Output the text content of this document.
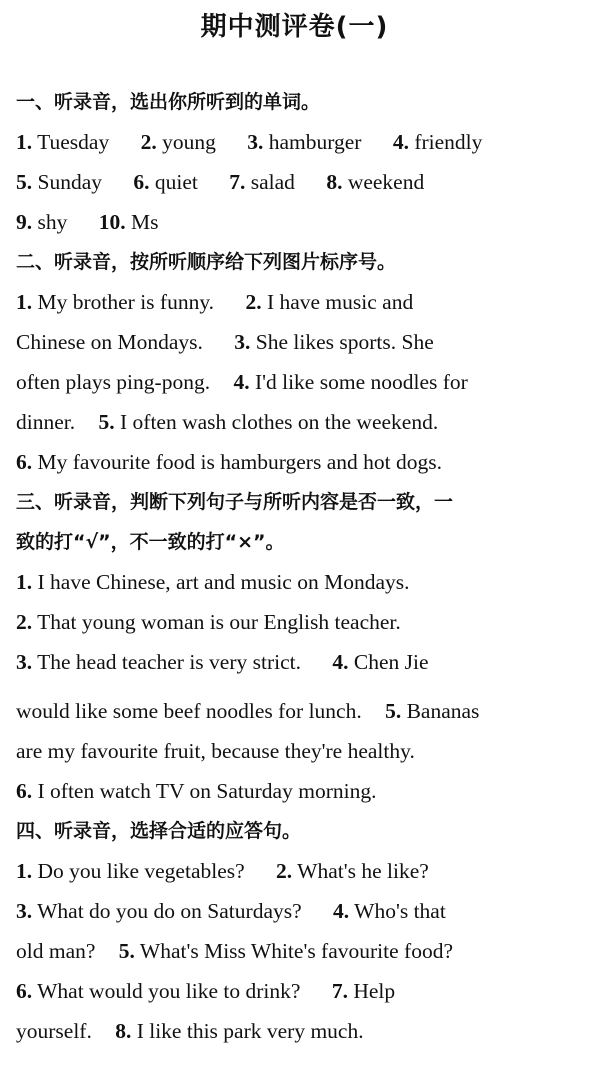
期中测评卷(一)
一、听录音，选出你所听到的单词。
1. Tuesday 2. young 3. hamburger 4. friendly
5. Sunday 6. quiet 7. salad 8. weekend
9. shy 10. Ms
二、听录音，按所听顺序给下列图片标序号。
1. My brother is funny. 2. I have music and
Chinese on Mondays. 3. She likes sports. She
often plays ping-pong. 4. I'd like some noodles for
dinner. 5. I often wash clothes on the weekend.
6. My favourite food is hamburgers and hot dogs.
三、听录音，判断下列句子与所听内容是否一致，一
致的打“√”，不一致的打“×”。
1. I have Chinese, art and music on Mondays.
2. That young woman is our English teacher.
3. The head teacher is very strict. 4. Chen Jie
would like some beef noodles for lunch. 5. Bananas
are my favourite fruit, because they're healthy.
6. I often watch TV on Saturday morning.
四、听录音，选择合适的应答句。
1. Do you like vegetables? 2. What's he like?
3. What do you do on Saturdays? 4. Who's that
old man? 5. What's Miss White's favourite food?
6. What would you like to drink? 7. Help
yourself. 8. I like this park very much.
